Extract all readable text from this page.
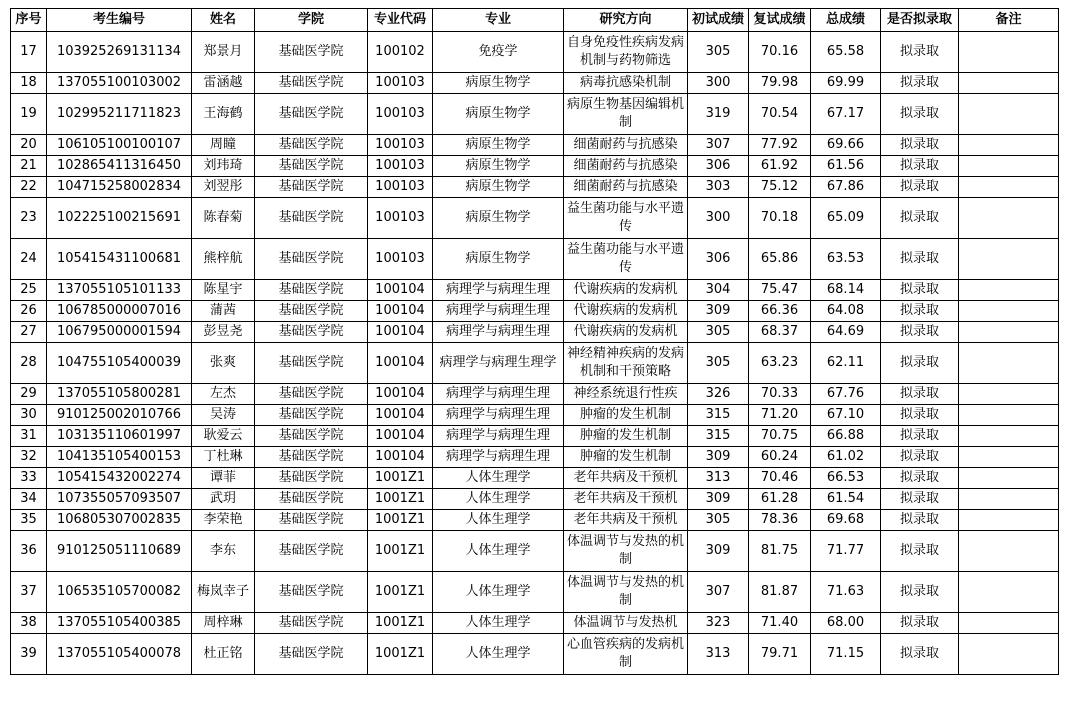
序号	考生编号	姓名	学院	专业代码	专业	研究方向	初试成绩	复试成绩	总成绩	是否拟录取	备注
17	103925269131134	郑景月	基础医学院	100102	免疫学	自身免疫性疾病发病机制与药物筛选	305	70.16	65.58	拟录取	
18	137055100103002	雷涵越	基础医学院	100103	病原生物学	病毒抗感染机制	300	79.98	69.99	拟录取	
19	102995211711823	王海鹤	基础医学院	100103	病原生物学	病原生物基因编辑机制	319	70.54	67.17	拟录取	
20	106105100100107	周瞳	基础医学院	100103	病原生物学	细菌耐药与抗感染	307	77.92	69.66	拟录取	
21	102865411316450	刘玮琦	基础医学院	100103	病原生物学	细菌耐药与抗感染	306	61.92	61.56	拟录取	
22	104715258002834	刘翌彤	基础医学院	100103	病原生物学	细菌耐药与抗感染	303	75.12	67.86	拟录取	
23	102225100215691	陈春菊	基础医学院	100103	病原生物学	益生菌功能与水平遗传	300	70.18	65.09	拟录取	
24	105415431100681	熊梓航	基础医学院	100103	病原生物学	益生菌功能与水平遗传	306	65.86	63.53	拟录取	
25	137055105101133	陈星宇	基础医学院	100104	病理学与病理生理	代谢疾病的发病机	304	75.47	68.14	拟录取	
26	106785000007016	蒲茜	基础医学院	100104	病理学与病理生理	代谢疾病的发病机	309	66.36	64.08	拟录取	
27	106795000001594	彭昱尧	基础医学院	100104	病理学与病理生理	代谢疾病的发病机	305	68.37	64.69	拟录取	
28	104755105400039	张爽	基础医学院	100104	病理学与病理生理学	神经精神疾病的发病机制和干预策略	305	63.23	62.11	拟录取	
29	137055105800281	左杰	基础医学院	100104	病理学与病理生理	神经系统退行性疾	326	70.33	67.76	拟录取	
30	910125002010766	吴涛	基础医学院	100104	病理学与病理生理	肿瘤的发生机制	315	71.20	67.10	拟录取	
31	103135110601997	耿爱云	基础医学院	100104	病理学与病理生理	肿瘤的发生机制	315	70.75	66.88	拟录取	
32	104135105400153	丁杜琳	基础医学院	100104	病理学与病理生理	肿瘤的发生机制	309	60.24	61.02	拟录取	
33	105415432002274	谭菲	基础医学院	1001Z1	人体生理学	老年共病及干预机	313	70.46	66.53	拟录取	
34	107355057093507	武玥	基础医学院	1001Z1	人体生理学	老年共病及干预机	309	61.28	61.54	拟录取	
35	106805307002835	李荣艳	基础医学院	1001Z1	人体生理学	老年共病及干预机	305	78.36	69.68	拟录取	
36	910125051110689	李东	基础医学院	1001Z1	人体生理学	体温调节与发热的机制	309	81.75	71.77	拟录取	
37	106535105700082	梅岚幸子	基础医学院	1001Z1	人体生理学	体温调节与发热的机制	307	81.87	71.63	拟录取	
38	137055105400385	周梓琳	基础医学院	1001Z1	人体生理学	体温调节与发热机	323	71.40	68.00	拟录取	
39	137055105400078	杜正铭	基础医学院	1001Z1	人体生理学	心血管疾病的发病机制	313	79.71	71.15	拟录取	
